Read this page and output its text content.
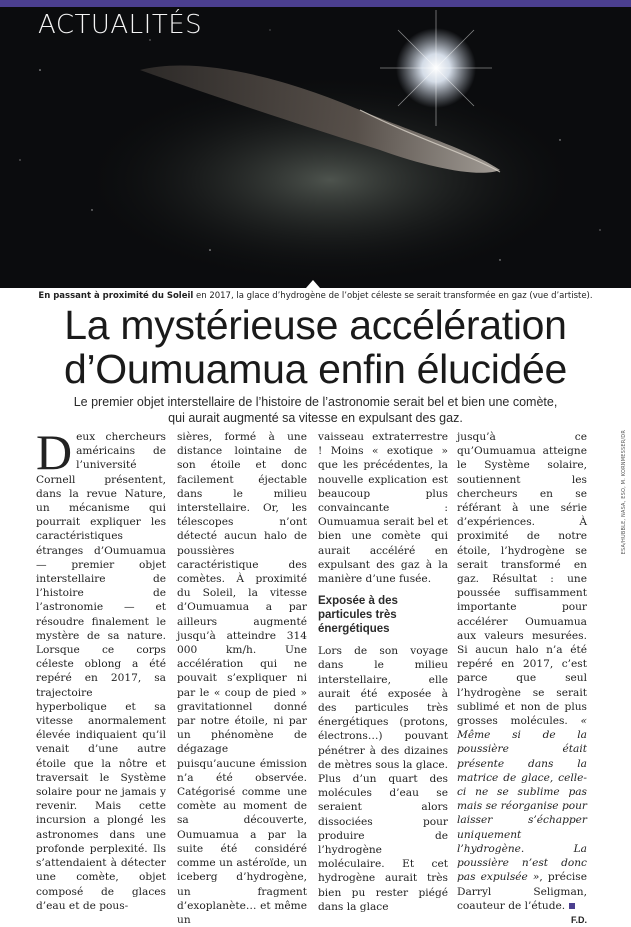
ACTUALITÉS
En passant à proximité du Soleil en 2017, la glace d’hydrogène de l’objet céleste se serait transformée en gaz (vue d’artiste).
La mystérieuse accélération
d’Oumuamua enfin élucidée
Le premier objet interstellaire de l’histoire de l’astronomie serait bel et bien une comète,
qui aurait augmenté sa vitesse en expulsant des gaz.
ESA/HUBBLE, NASA, ESO, M. KORNMESSER/DR
Deux chercheurs américains de l’université Cornell présentent, dans la revue Nature, un mécanisme qui pourrait expliquer les caractéristiques étranges d’Oumuamua — premier objet interstellaire de l’histoire de l’astronomie — et résoudre finalement le mystère de sa nature. Lorsque ce corps céleste oblong a été repéré en 2017, sa trajectoire hyperbolique et sa vitesse anormalement élevée indiquaient qu’il venait d’une autre étoile que la nôtre et traversait le Système solaire pour ne jamais y revenir. Mais cette incursion a plongé les astronomes dans une profonde perplexité. Ils s’attendaient à détecter une comète, objet composé de glaces d’eau et de pous-
sières, formé à une distance lointaine de son étoile et donc facilement éjectable dans le milieu interstellaire. Or, les télescopes n’ont détecté aucun halo de poussières caractéristique des comètes. À proximité du Soleil, la vitesse d’Oumuamua a par ailleurs augmenté jusqu’à atteindre 314 000 km/h. Une accélération qui ne pouvait s’expliquer ni par le « coup de pied » gravitationnel donné par notre étoile, ni par un phénomène de dégazage puisqu’aucune émission n’a été observée. Catégorisé comme une comète au moment de sa découverte, Oumuamua a par la suite été considéré comme un astéroïde, un iceberg d’hydrogène, un fragment d’exoplanète… et même un
vaisseau extraterrestre ! Moins « exotique » que les précédentes, la nouvelle explication est beaucoup plus convaincante : Oumuamua serait bel et bien une comète qui aurait accéléré en expulsant des gaz à la manière d’une fusée.
Exposée à des particules très énergétiques
Lors de son voyage dans le milieu interstellaire, elle aurait été exposée à des particules très énergétiques (protons, électrons…) pouvant pénétrer à des dizaines de mètres sous la glace. Plus d’un quart des molécules d’eau se seraient alors dissociées pour produire de l’hydrogène moléculaire. Et cet hydrogène aurait très bien pu rester piégé dans la glace
jusqu’à ce qu’Oumuamua atteigne le Système solaire, soutiennent les chercheurs en se référant à une série d’expériences. À proximité de notre étoile, l’hydrogène se serait transformé en gaz. Résultat : une poussée suffisamment importante pour accélérer Oumuamua aux valeurs mesurées. Si aucun halo n’a été repéré en 2017, c’est parce que seul l’hydrogène se serait sublimé et non de plus grosses molécules. « Même si de la poussière était présente dans la matrice de glace, celle-ci ne se sublime pas mais se réorganise pour laisser s’échapper uniquement l’hydrogène. La poussière n’est donc pas expulsée », précise Darryl Seligman, coauteur de l’étude.
F.D.
